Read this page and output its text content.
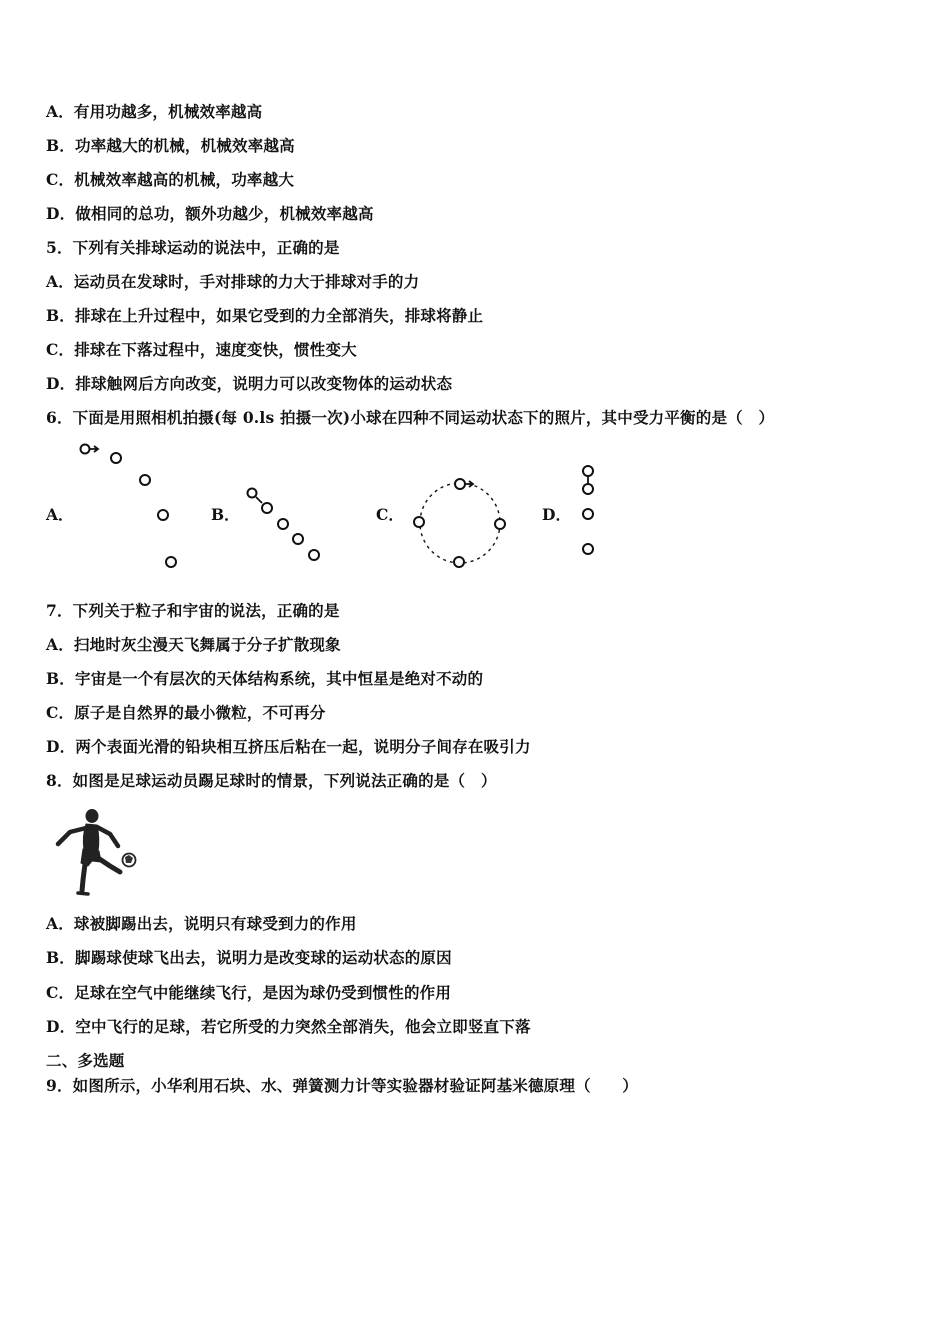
A．有用功越多，机械效率越高
B．功率越大的机械，机械效率越高
C．机械效率越高的机械，功率越大
D．做相同的总功，额外功越少，机械效率越高
5．下列有关排球运动的说法中，正确的是
A．运动员在发球时，手对排球的力大于排球对手的力
B．排球在上升过程中，如果它受到的力全部消失，排球将静止
C．排球在下落过程中，速度变快，惯性变大
D．排球触网后方向改变，说明力可以改变物体的运动状态
6．下面是用照相机拍摄(每 0.ls 拍摄一次)小球在四种不同运动状态下的照片，其中受力平衡的是（　）
A．	B．	C．	D．
7．下列关于粒子和宇宙的说法，正确的是
A．扫地时灰尘漫天飞舞属于分子扩散现象
B．宇宙是一个有层次的天体结构系统，其中恒星是绝对不动的
C．原子是自然界的最小微粒，不可再分
D．两个表面光滑的铅块相互挤压后粘在一起，说明分子间存在吸引力
8．如图是足球运动员踢足球时的情景，下列说法正确的是（　）
A．球被脚踢出去，说明只有球受到力的作用
B．脚踢球使球飞出去，说明力是改变球的运动状态的原因
C．足球在空气中能继续飞行，是因为球仍受到惯性的作用
D．空中飞行的足球，若它所受的力突然全部消失，他会立即竖直下落
二、多选题
9．如图所示，小华利用石块、水、弹簧测力计等实验器材验证阿基米德原理（　　）
